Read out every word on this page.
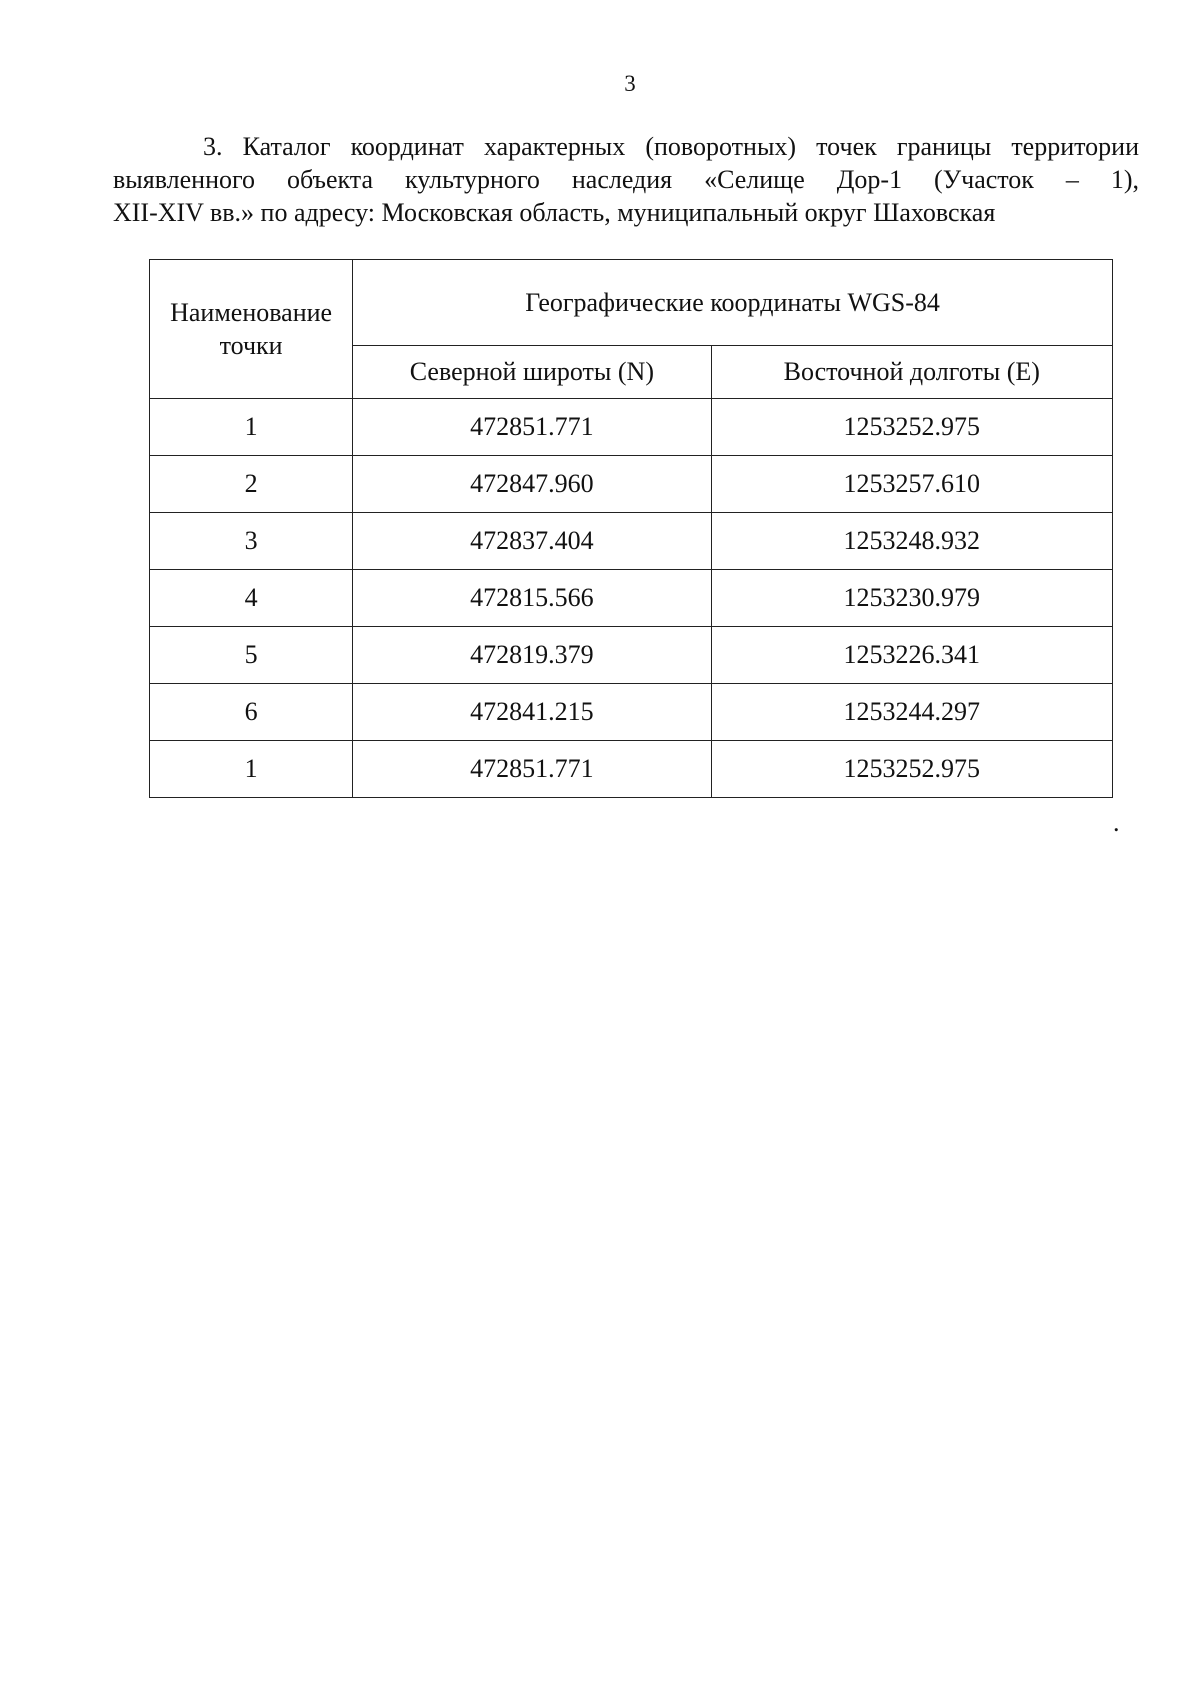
3

3. Каталог координат характерных (поворотных) точек границы территории
выявленного объекта культурного наследия «Селище Дор-1 (Участок – 1),
XII-XIV вв.» по адресу: Московская область, муниципальный округ Шаховская

Наименование точки	Географические координаты WGS-84	
	Северной широты (N)	Восточной долготы (E)
1	472851.771	1253252.975
2	472847.960	1253257.610
3	472837.404	1253248.932
4	472815.566	1253230.979
5	472819.379	1253226.341
6	472841.215	1253244.297
1	472851.771	1253252.975
.
